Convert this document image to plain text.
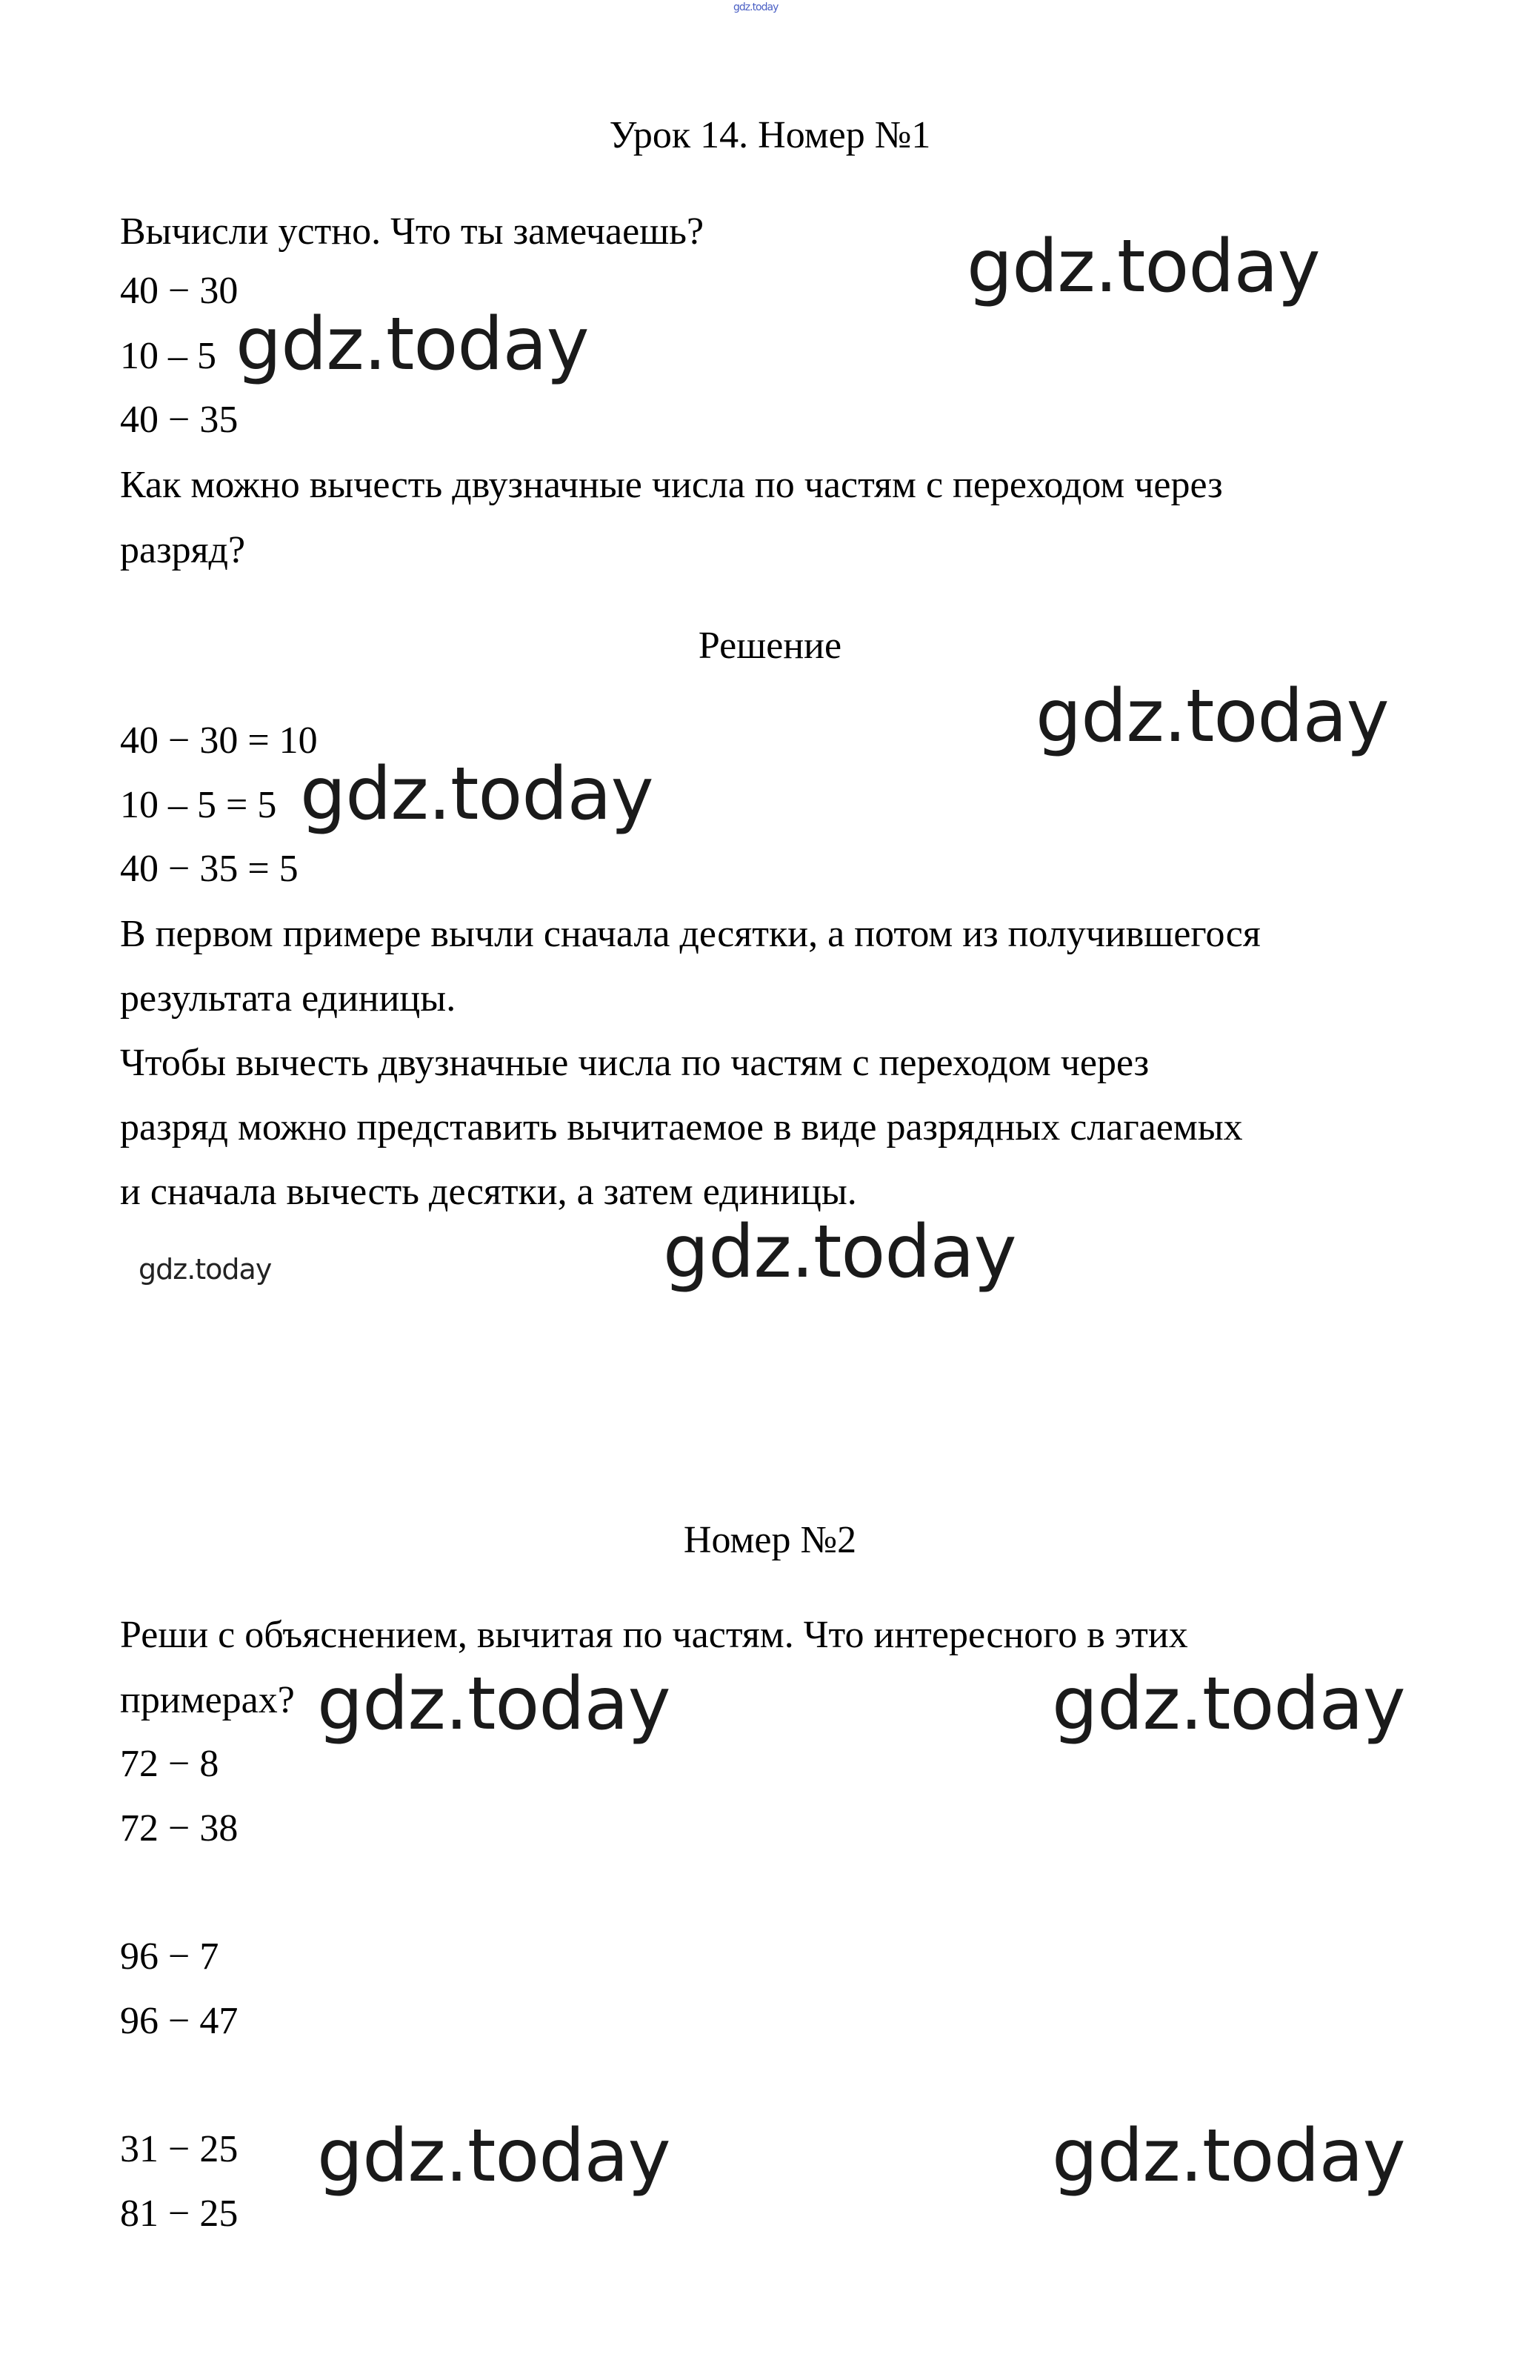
gdz.today
Урок 14. Номер №1
Вычисли устно. Что ты замечаешь?
40 − 30
10 – 5
40 − 35
Как можно вычесть двузначные числа по частям с переходом через
разряд?
Решение
40 − 30 = 10
10 – 5 = 5
40 − 35 = 5
В первом примере вычли сначала десятки, а потом из получившегося
результата единицы.
Чтобы вычесть двузначные числа по частям с переходом через
разряд можно представить вычитаемое в виде разрядных слагаемых
и сначала вычесть десятки, а затем единицы.
Номер №2
Реши с объяснением, вычитая по частям. Что интересного в этих
примерах?
72 − 8
72 − 38
96 − 7
96 − 47
31 − 25
81 − 25
gdz.today
gdz.today
gdz.today
gdz.today
gdz.today
gdz.today
gdz.today	gdz.today
gdz.today	gdz.today
